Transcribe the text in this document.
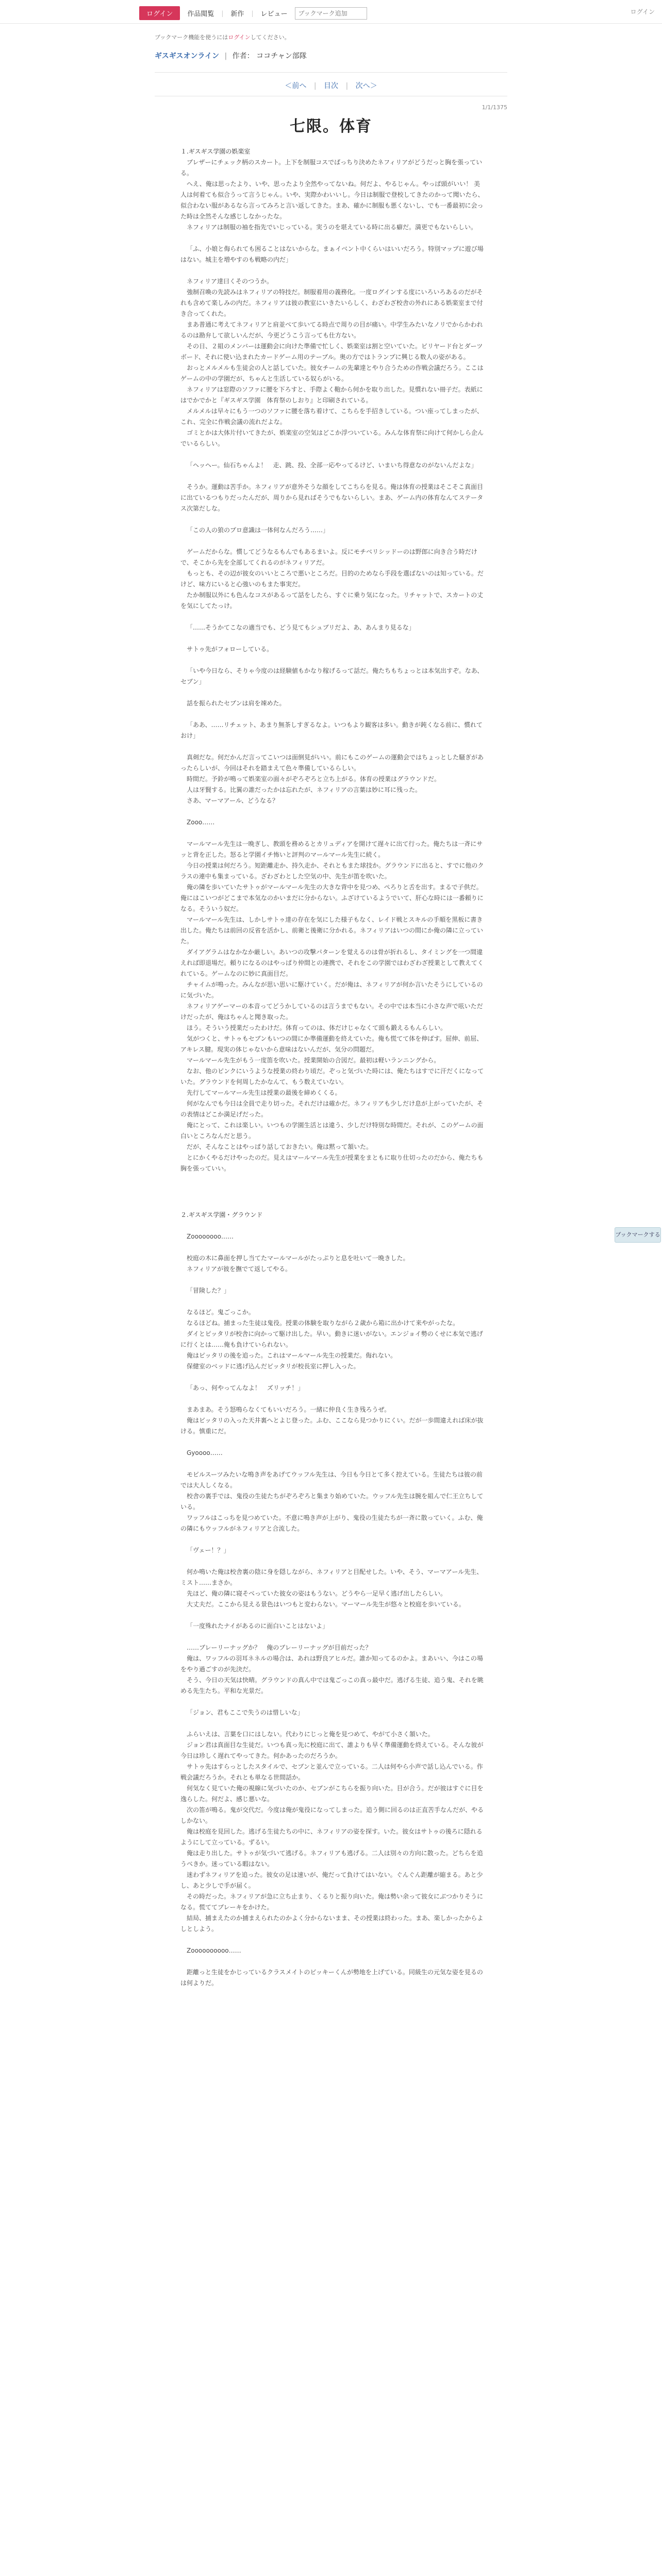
ログイン	作品閲覧	|	新作	|	レビュー
ブックマーク追加	ログイン
ブックマーク機能を使うにはログインしてください。
ギスギスオンライン | 作者： ココチャン部隊
＜前へ | 目次 | 次へ＞
1/1/1375
七限。体育

１.ギスギス学園の娯楽室

ブレザーにチェック柄のスカート。上下を制服コスでばっちり決めたネフィリアがどうだっと胸を張っている。

へえ、俺は思ったより、いや、思ったより全然やってないね。何だよ、やるじゃん。やっぱ頭がいい！ 美人は何着ても似合うって言うじゃん。いや、実際かわいいし。今日は制服で登校してきたのかって聞いたら、似合わない服があるなら言ってみろと言い返してきた。まあ、確かに制服も悪くないし、でも一番最初に会った時は全然そんな感じしなかったな。

ネフィリアは制服の袖を指先でいじっている。実うのを堪えている時に出る癖だ。満更でもないらしい。

「ふ、小娘と侮られても困ることはないからな。まぁイベント中くらいはいいだろう。特別マップに遊び場はない。城主を増やすのも戦略の内だ」

ネフィリア達曰くそのつうか。

強制召喚の先読みはネフィリアの特技だ。制服着用の義務化。一度ログインする度にいろいろあるのだがそれも含めて楽しみの内だ。ネフィリアは彼の教室にいきたいらしく、わざわざ校舎の外れにある娯楽室まで付き合ってくれた。

まあ普通に考えてネフィリアと肩並べて歩いてる時点で周りの目が痛い。中学生みたいなノリでからかわれるのは勘弁して欲しいんだが、今更どうこう言っても仕方ない。

その日、２組のメンバーは運動会に向けた準備で忙しく、娯楽室は割と空いていた。ビリヤード台とダーツボード、それに使い込まれたカードゲーム用のテーブル。奥の方ではトランプに興じる数人の姿がある。

おっとメルメルも生徒会の人と話していた。彼女チームの先輩達とやり合うための作戦会議だろう。ここはゲームの中の学園だが、ちゃんと生活している奴らがいる。

ネフィリアは窓際のソファに腰を下ろすと、手際よく鞄から何かを取り出した。見慣れない冊子だ。表紙にはでかでかと『ギスギス学園　体育祭のしおり』と印刷されている。

メルメルは早々にもう一つのソファに腰を落ち着けて、こちらを手招きしている。つい座ってしまったが、これ、完全に作戦会議の流れだよな。

ゴミとかは大体片付いてきたが、娯楽室の空気はどこか浮ついている。みんな体育祭に向けて何かしら企んでいるらしい。

「ヘッヘー。仙石ちゃんよ！　走、跳、投、全部一応やってるけど、いまいち得意なのがないんだよな」

そうか。運動は苦手か。ネフィリアが意外そうな顔をしてこちらを見る。俺は体育の授業はそこそこ真面目に出ているつもりだったんだが、周りから見ればそうでもないらしい。まあ、ゲーム内の体育なんてステータス次第だしな。

「この人の狼のプロ意識は一体何なんだろう……」

ゲームだからな。慣してどうなるもんでもあるまいよ。反にモチベリシッドーのは野郎に向き合う時だけで、そこから先を全部してくれるのがネフィリアだ。

もっとも、その辺が彼女のいいところで悪いところだ。目的のためなら手段を選ばないのは知っている。だけど、味方にいると心強いのもまた事実だ。

たか制服以外にも色んなコスがあるって話をしたら、すぐに乗り気になった。リチャットで、スカートの丈を気にしてたっけ。

「……そうかてこなの適当でも、どう見てもシュブリだよ、あ、あんまり見るな」

サトゥ先がフォローしている。

「いや今日なら、そりゃ今度のは経験値もかなり稼げるって話だ。俺たちもちょっとは本気出すぞ。なあ、セブン」

話を振られたセブンは肩を竦めた。

「ああ、……リチェット、あまり無茶しすぎるなよ。いつもより観客は多い。動きが鈍くなる前に、慣れておけ」

真剣だな。何だかんだ言ってこいつは面倒見がいい。前にもこのゲームの運動会ではちょっとした騒ぎがあったらしいが、今回はそれを踏まえて色々準備しているらしい。

時間だ。予鈴が鳴って娯楽室の面々がぞろぞろと立ち上がる。体育の授業はグラウンドだ。

人は牙賢する。比翼の誰だったかは忘れたが、ネフィリアの言葉は妙に耳に残った。

さあ、マーマアール、どうなる？

Zooo……

マールマール先生は一晩ぎし、教頭を務めるとカリュディアを開けて遅々に出て行った。俺たちは一斉にサッと背を正した。怒ると学園イチ怖いと評判のマールマール先生に続く。

今日の授業は何だろう。短距離走か、持久走か、それともまた球技か。グラウンドに出ると、すでに他のクラスの連中も集まっている。ざわざわとした空気の中、先生が笛を吹いた。

俺の隣を歩いていたサトゥがマールマール先生の大きな背中を見つめ、ぺろりと舌を出す。まるで子供だ。俺にはこいつがどこまで本気なのかいまだに分からない。ふざけているようでいて、肝心な時には一番頼りになる。そういう奴だ。

マールマール先生は、しかしサトゥ達の存在を気にした様子もなく、レイド戦とスキルの手順を黒板に書き出した。俺たちは前回の反省を活かし、前衛と後衛に分かれる。ネフィリアはいつの間にか俺の隣に立っていた。

ダイアグラムはなかなか厳しい。あいつの攻撃パターンを覚えるのは骨が折れるし、タイミングを一つ間違えれば即退場だ。頼りになるのはやっぱり仲間との連携で、それをこの学園ではわざわざ授業として教えてくれている。ゲームなのに妙に真面目だ。

チャイムが鳴った。みんなが思い思いに駆けていく。だが俺は、ネフィリアが何か言いたそうにしているのに気づいた。

ネフィリアゲーマーの本音ってどうかしているのは言うまでもない。その中では本当に小さな声で呟いただけだったが、俺はちゃんと聞き取った。

ほう。そういう授業だったわけだ。体育ってのは、体だけじゃなくて頭も鍛えるもんらしい。

気がつくと、サトゥもセブンもいつの間にか準備運動を終えていた。俺も慌てて体を伸ばす。屈伸、前屈、アキレス腱。現実の体じゃないから意味はないんだが、気分の問題だ。

マールマール先生がもう一度笛を吹いた。授業開始の合図だ。最初は軽いランニングから。

なお、他のピンクにいうような授業の終わり頃だ。ぞっと気づいた時には、俺たちはすでに汗だくになっていた。グラウンドを何周したかなんて、もう数えていない。

先行してマールマール先生は授業の最後を締めくくる。

何がなんでも今日は全員で走り切った。それだけは確かだ。ネフィリアも少しだけ息が上がっていたが、その表情はどこか満足げだった。

俺にとって、これは楽しい。いつもの学園生活とは違う、少しだけ特別な時間だ。それが、このゲームの面白いところなんだと思う。

だが、そんなことはやっぱり話しておきたい。俺は黙って頷いた。

とにかくやるだけやったのだ。見えはマールマール先生が授業をまともに取り仕切ったのだから、俺たちも胸を張っていい。

２.ギスギス学園・グラウンド

Zoooooooo……

校庭の木に鼻面を押し当てたマールマールがたっぷりと息を吐いて一晩きした。

ネフィリアが彼を撫でて返してやる。

「冒険した？」

なるほど。鬼ごっこか。

なるほどね。捕まった生徒は鬼役。授業の体験を取りながら２歳から箱に出かけて来やがったな。

ダイとピッタリが校舎に向かって駆け出した。早い。動きに迷いがない。エンジョイ勢のくせに本気で逃げに行くとは……俺も負けていられない。

俺はピッタリの後を追った。これはマールマール先生の授業だ。侮れない。

保健室のベッドに逃げ込んだビッタリが校長室に押し入った。

「あっ、何やってんなよ！　ズリッチ！」

まあまあ。そう怒鳴らなくてもいいだろう。一緒に仲良く生き残ろうぜ。

俺はビッタリの入った天井裏へとよじ登った。ふむ、ここなら見つかりにくい。だが一歩間違えれば床が抜ける。慎重にだ。

Gyoooo……

モビルスーツみたいな鳴き声をあげてウッフル先生は、今日も今日とて多く控えている。生徒たちは彼の前では大人しくなる。

校舎の裏手では、鬼役の生徒たちがぞろぞろと集まり始めていた。ウッフル先生は腕を組んで仁王立ちしている。

ワッフルはこっちを見つめていた。不意に鳴き声が上がり、鬼役の生徒たちが一斉に散っていく。ふむ、俺の隣にもウッフルがネフィリアと合流した。

「ヴェー！？」

何か鳴いた俺は校舎裏の陰に身を隠しながら、ネフィリアと目配せした。いや、そう、マーマアール先生、ミスト……まさか。

先ほど、俺の隣に寝そべっていた彼女の姿はもうない。どうやら一足早く逃げ出したらしい。

大丈夫だ。ここから見える景色はいつもと変わらない。マーマール先生が悠々と校庭を歩いている。

「一度殊れたナイがあるのに面白いことはないよ」

……ブレーリーナッグか？　俺のブレーリーナッグが目前だった？

俺は、ワッフルの羽耳ネネルの場合は、あれは野良アヒルだ。誰か知ってるのかよ。まあいい、今はこの場をやり過ごすのが先決だ。

そう、今日の天気は快晴。グラウンドの真ん中では鬼ごっこの真っ最中だ。逃げる生徒、追う鬼、それを眺める先生たち。平和な光景だ。

「ジョン、君もここで失うのは惜しいな」

ふらいえは、言葉を口にはしない。代わりにじっと俺を見つめて、やがて小さく頷いた。

ジョン君は真面目な生徒だ。いつも真っ先に校庭に出て、誰よりも早く準備運動を終えている。そんな彼が今日は珍しく遅れてやってきた。何かあったのだろうか。

サトゥ先はすらっとしたスタイルで、セブンと並んで立っている。二人は何やら小声で話し込んでいる。作戦会議だろうか。それとも単なる世間話か。

何気なく見ていた俺の視線に気づいたのか、セブンがこちらを振り向いた。目が合う。だが彼はすぐに目を逸らした。何だよ、感じ悪いな。

次の笛が鳴る。鬼が交代だ。今度は俺が鬼役になってしまった。追う側に回るのは正直苦手なんだが、やるしかない。

俺は校庭を見回した。逃げる生徒たちの中に、ネフィリアの姿を探す。いた。彼女はサトゥの後ろに隠れるようにして立っている。ずるい。

俺は走り出した。サトゥが気づいて逃げる。ネフィリアも逃げる。二人は別々の方向に散った。どちらを追うべきか。迷っている暇はない。

迷わずネフィリアを追った。彼女の足は速いが、俺だって負けてはいない。ぐんぐん距離が縮まる。あと少し、あと少しで手が届く。

その時だった。ネフィリアが急に立ち止まり、くるりと振り向いた。俺は勢い余って彼女にぶつかりそうになる。慌ててブレーキをかけた。

結局、捕まえたのか捕まえられたのかよく分からないまま、その授業は終わった。まあ、楽しかったからよしとしよう。

Zoooooooooo……

距離っと生徒をかじっているクラスメイトのビッキーくんが勢地を上げている。同級生の元気な姿を見るのは何よりだ。

ブックマークする
